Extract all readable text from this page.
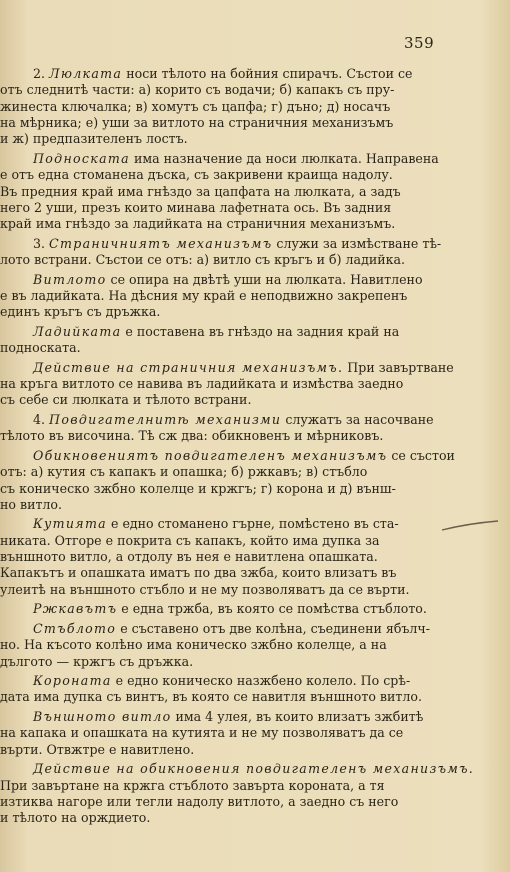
359
2. Люлката носи тѣлото на бойния спирачъ. Състои се
отъ следнитѣ части: а) корито съ водачи; б) капакъ съ пру-
жинеста ключалка; в) хомутъ съ цапфа; г) дъно; д) носачъ
на мѣрника; е) уши за витлото на страничния механизъмъ
и ж) предпазителенъ лостъ.
Подноската има назначение да носи люлката. Направена
е отъ една стоманена дъска, съ закривени краища надолу.
Въ предния край има гнѣздо за цапфата на люлката, а задъ
него 2 уши, презъ които минава лафетната ось. Въ задния
край има гнѣздо за ладийката на страничния механизъмъ.
3. Страничниятъ механизъмъ служи за измѣстване тѣ-
лото встрани. Състои се отъ: а) витло съ кръгъ и б) ладийка.
Витлото се опира на двѣтѣ уши на люлката. Навитлено
е въ ладийката. На дѣсния му край е неподвижно закрепенъ
единъ кръгъ съ дръжка.
Ладийката е поставена въ гнѣздо на задния край на
подноската.
Действие на страничния механизъмъ. При завъртване
на кръга витлото се навива въ ладийката и измѣства заедно
съ себе си люлката и тѣлото встрани.
4. Повдигателнитѣ механизми служатъ за насочване
тѣлото въ височина. Тѣ сж два: обикновенъ и мѣрниковъ.
Обикновениятъ повдигателенъ механизъмъ се състои
отъ: а) кутия съ капакъ и опашка; б) ржкавъ; в) стъбло
съ коническо зжбно колелце и кржгъ; г) корона и д) външ-
но витло.
Кутията е едно стоманено гърне, помѣстено въ ста-
никата. Отгоре е покрита съ капакъ, който има дупка за
външното витло, а отдолу въ нея е навитлена опашката.
Капакътъ и опашката иматъ по два зжба, които влизатъ въ
улеитѣ на външното стъбло и не му позволяватъ да се върти.
Ржкавътъ е една тржба, въ която се помѣства стъблото.
Стъблото е съставено отъ две колѣна, съединени ябълч-
но. На късото колѣно има коническо зжбно колелце, а на
дългото — кржгъ съ дръжка.
Короната е едно коническо назжбено колело. По срѣ-
дата има дупка съ винтъ, въ която се навитля външното витло.
Външното витло има 4 улея, въ които влизатъ зжбитѣ
на капака и опашката на кутията и не му позволяватъ да се
върти. Отвжтре е навитлено.
Действие на обикновения повдигателенъ механизъмъ.
При завъртане на кржга стъблото завърта короната, а тя
изтиква нагоре или тегли надолу витлото, а заедно съ него
и тѣлото на орждието.
